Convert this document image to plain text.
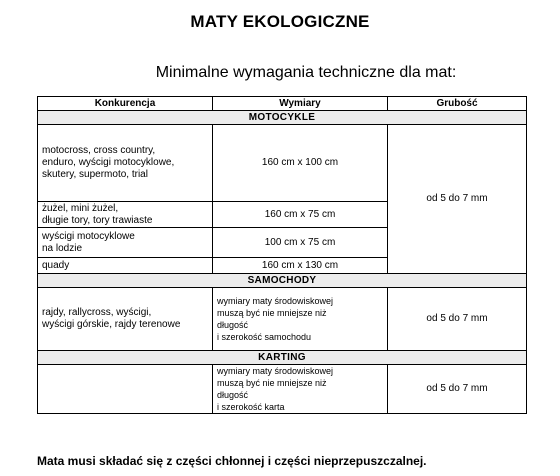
MATY EKOLOGICZNE
Minimalne wymagania techniczne dla mat:
Konkurencja	Wymiary	Grubość
MOTOCYKLE		
motocross, cross country,
enduro, wyścigi motocyklowe,
skutery, supermoto, trial	160 cm x 100 cm	od 5 do 7 mm
żużel, mini żużel,
długie tory, tory trawiaste	160 cm x 75 cm	
wyścigi motocyklowe
na lodzie	100 cm x 75 cm	
quady	160 cm x 130 cm	
SAMOCHODY		
rajdy, rallycross, wyścigi,
wyścigi górskie, rajdy terenowe	wymiary maty środowiskowej
muszą być nie mniejsze niż
długość
i szerokość samochodu	od 5 do 7 mm
KARTING		
	wymiary maty środowiskowej
muszą być nie mniejsze niż
długość
i szerokość karta	od 5 do 7 mm
Mata musi składać się z części chłonnej i części nieprzepuszczalnej.
